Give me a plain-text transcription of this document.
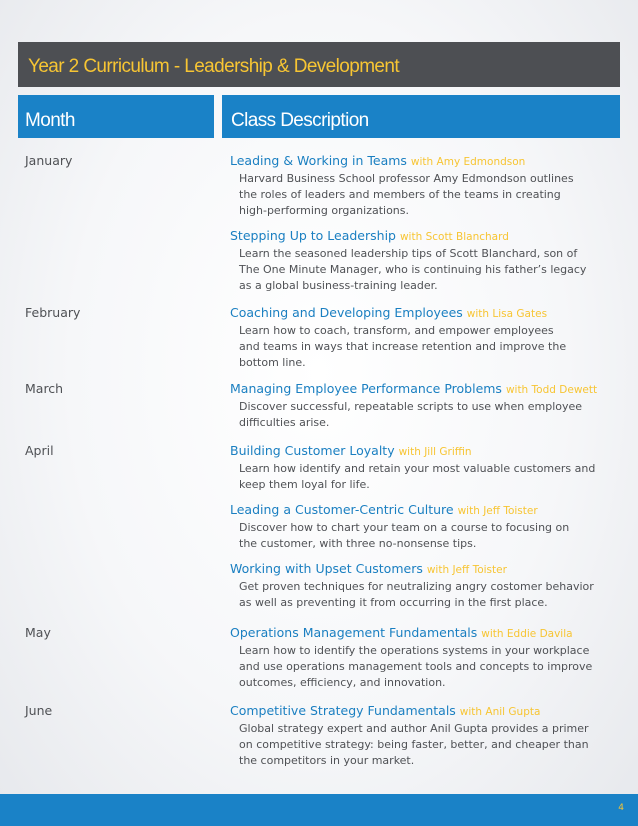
Year 2 Curriculum - Leadership & Development
Month	Class Description
January
February
March
April
May
June
Leading & Working in Teams with Amy Edmondson
Harvard Business School professor Amy Edmondson outlines
the roles of leaders and members of the teams in creating
high-performing organizations.
Stepping Up to Leadership with Scott Blanchard
Learn the seasoned leadership tips of Scott Blanchard, son of
The One Minute Manager, who is continuing his father’s legacy
as a global business-training leader.
Coaching and Developing Employees with Lisa Gates
Learn how to coach, transform, and empower employees
and teams in ways that increase retention and improve the
bottom line.
Managing Employee Performance Problems with Todd Dewett
Discover successful, repeatable scripts to use when employee
difficulties arise.
Building Customer Loyalty with Jill Griffin
Learn how identify and retain your most valuable customers and
keep them loyal for life.
Leading a Customer-Centric Culture with Jeff Toister
Discover how to chart your team on a course to focusing on
the customer, with three no-nonsense tips.
Working with Upset Customers with Jeff Toister
Get proven techniques for neutralizing angry costomer behavior
as well as preventing it from occurring in the first place.
Operations Management Fundamentals with Eddie Davila
Learn how to identify the operations systems in your workplace
and use operations management tools and concepts to improve
outcomes, efficiency, and innovation.
Competitive Strategy Fundamentals with Anil Gupta
Global strategy expert and author Anil Gupta provides a primer
on competitive strategy: being faster, better, and cheaper than
the competitors in your market.
4
